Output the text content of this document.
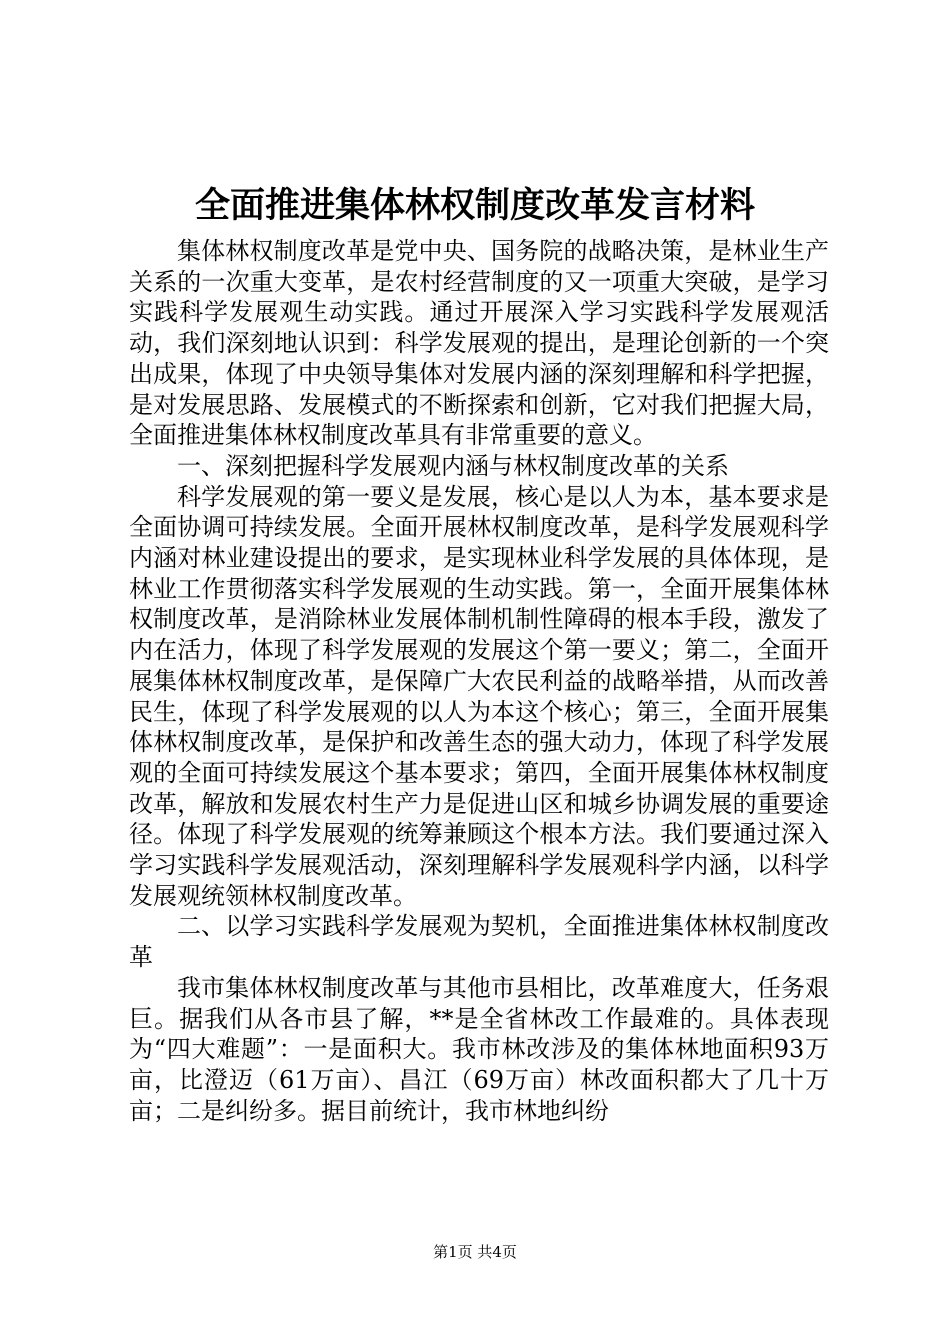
全面推进集体林权制度改革发言材料

集体林权制度改革是党中央、国务院的战略决策，是林业生产关系的一次重大变革，是农村经营制度的又一项重大突破，是学习实践科学发展观生动实践。通过开展深入学习实践科学发展观活动，我们深刻地认识到：科学发展观的提出，是理论创新的一个突出成果，体现了中央领导集体对发展内涵的深刻理解和科学把握，是对发展思路、发展模式的不断探索和创新，它对我们把握大局，全面推进集体林权制度改革具有非常重要的意义。

一、深刻把握科学发展观内涵与林权制度改革的关系

科学发展观的第一要义是发展，核心是以人为本，基本要求是全面协调可持续发展。全面开展林权制度改革，是科学发展观科学内涵对林业建设提出的要求，是实现林业科学发展的具体体现，是林业工作贯彻落实科学发展观的生动实践。第一，全面开展集体林权制度改革，是消除林业发展体制机制性障碍的根本手段，激发了内在活力，体现了科学发展观的发展这个第一要义；第二，全面开展集体林权制度改革，是保障广大农民利益的战略举措，从而改善民生，体现了科学发展观的以人为本这个核心；第三，全面开展集体林权制度改革，是保护和改善生态的强大动力，体现了科学发展观的全面可持续发展这个基本要求；第四，全面开展集体林权制度改革，解放和发展农村生产力是促进山区和城乡协调发展的重要途径。体现了科学发展观的统筹兼顾这个根本方法。我们要通过深入学习实践科学发展观活动，深刻理解科学发展观科学内涵，以科学发展观统领林权制度改革。

二、以学习实践科学发展观为契机，全面推进集体林权制度改革

我市集体林权制度改革与其他市县相比，改革难度大，任务艰巨。据我们从各市县了解，**是全省林改工作最难的。具体表现为“四大难题”：一是面积大。我市林改涉及的集体林地面积93万亩，比澄迈（61万亩）、昌江（69万亩）林改面积都大了几十万亩；二是纠纷多。据目前统计，我市林地纠纷

第1页 共4页
